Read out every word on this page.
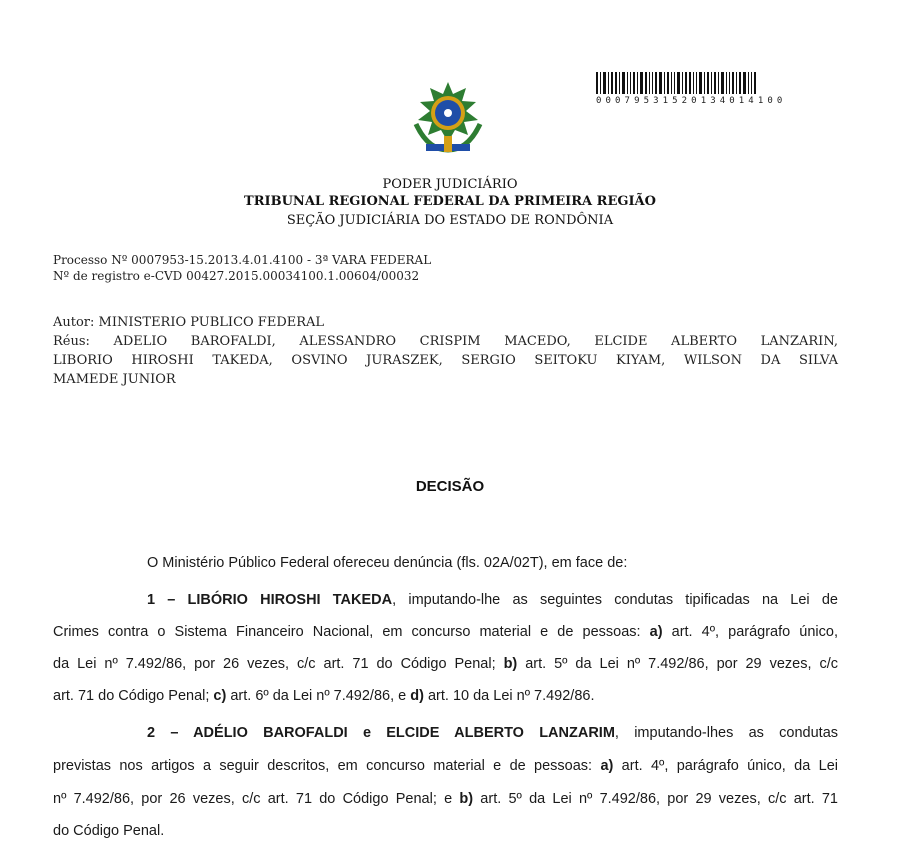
00079531520134014100
PODER JUDICIÁRIO
TRIBUNAL REGIONAL FEDERAL DA PRIMEIRA REGIÃO
SEÇÃO JUDICIÁRIA DO ESTADO DE RONDÔNIA
Processo Nº 0007953-15.2013.4.01.4100 - 3ª VARA FEDERAL
Nº de registro e-CVD 00427.2015.00034100.1.00604/00032
Autor: MINISTERIO PUBLICO FEDERAL
Réus: ADELIO BAROFALDI, ALESSANDRO CRISPIM MACEDO, ELCIDE ALBERTO LANZARIN,
LIBORIO HIROSHI TAKEDA, OSVINO JURASZEK, SERGIO SEITOKU KIYAM, WILSON DA SILVA
MAMEDE JUNIOR
DECISÃO
O Ministério Público Federal ofereceu denúncia (fls. 02A/02T), em face de:
1 – LIBÓRIO HIROSHI TAKEDA, imputando-lhe as seguintes condutas tipificadas na Lei de
Crimes contra o Sistema Financeiro Nacional, em concurso material e de pessoas: a) art. 4º, parágrafo único,
da Lei nº 7.492/86, por 26 vezes, c/c art. 71 do Código Penal; b) art. 5º da Lei nº 7.492/86, por 29 vezes, c/c
art. 71 do Código Penal; c) art. 6º da Lei nº 7.492/86, e d) art. 10 da Lei nº 7.492/86.
2 – ADÉLIO BAROFALDI e ELCIDE ALBERTO LANZARIM, imputando-lhes as condutas
previstas nos artigos a seguir descritos, em concurso material e de pessoas: a) art. 4º, parágrafo único, da Lei
nº 7.492/86, por 26 vezes, c/c art. 71 do Código Penal; e b) art. 5º da Lei nº 7.492/86, por 29 vezes, c/c art. 71
do Código Penal.
